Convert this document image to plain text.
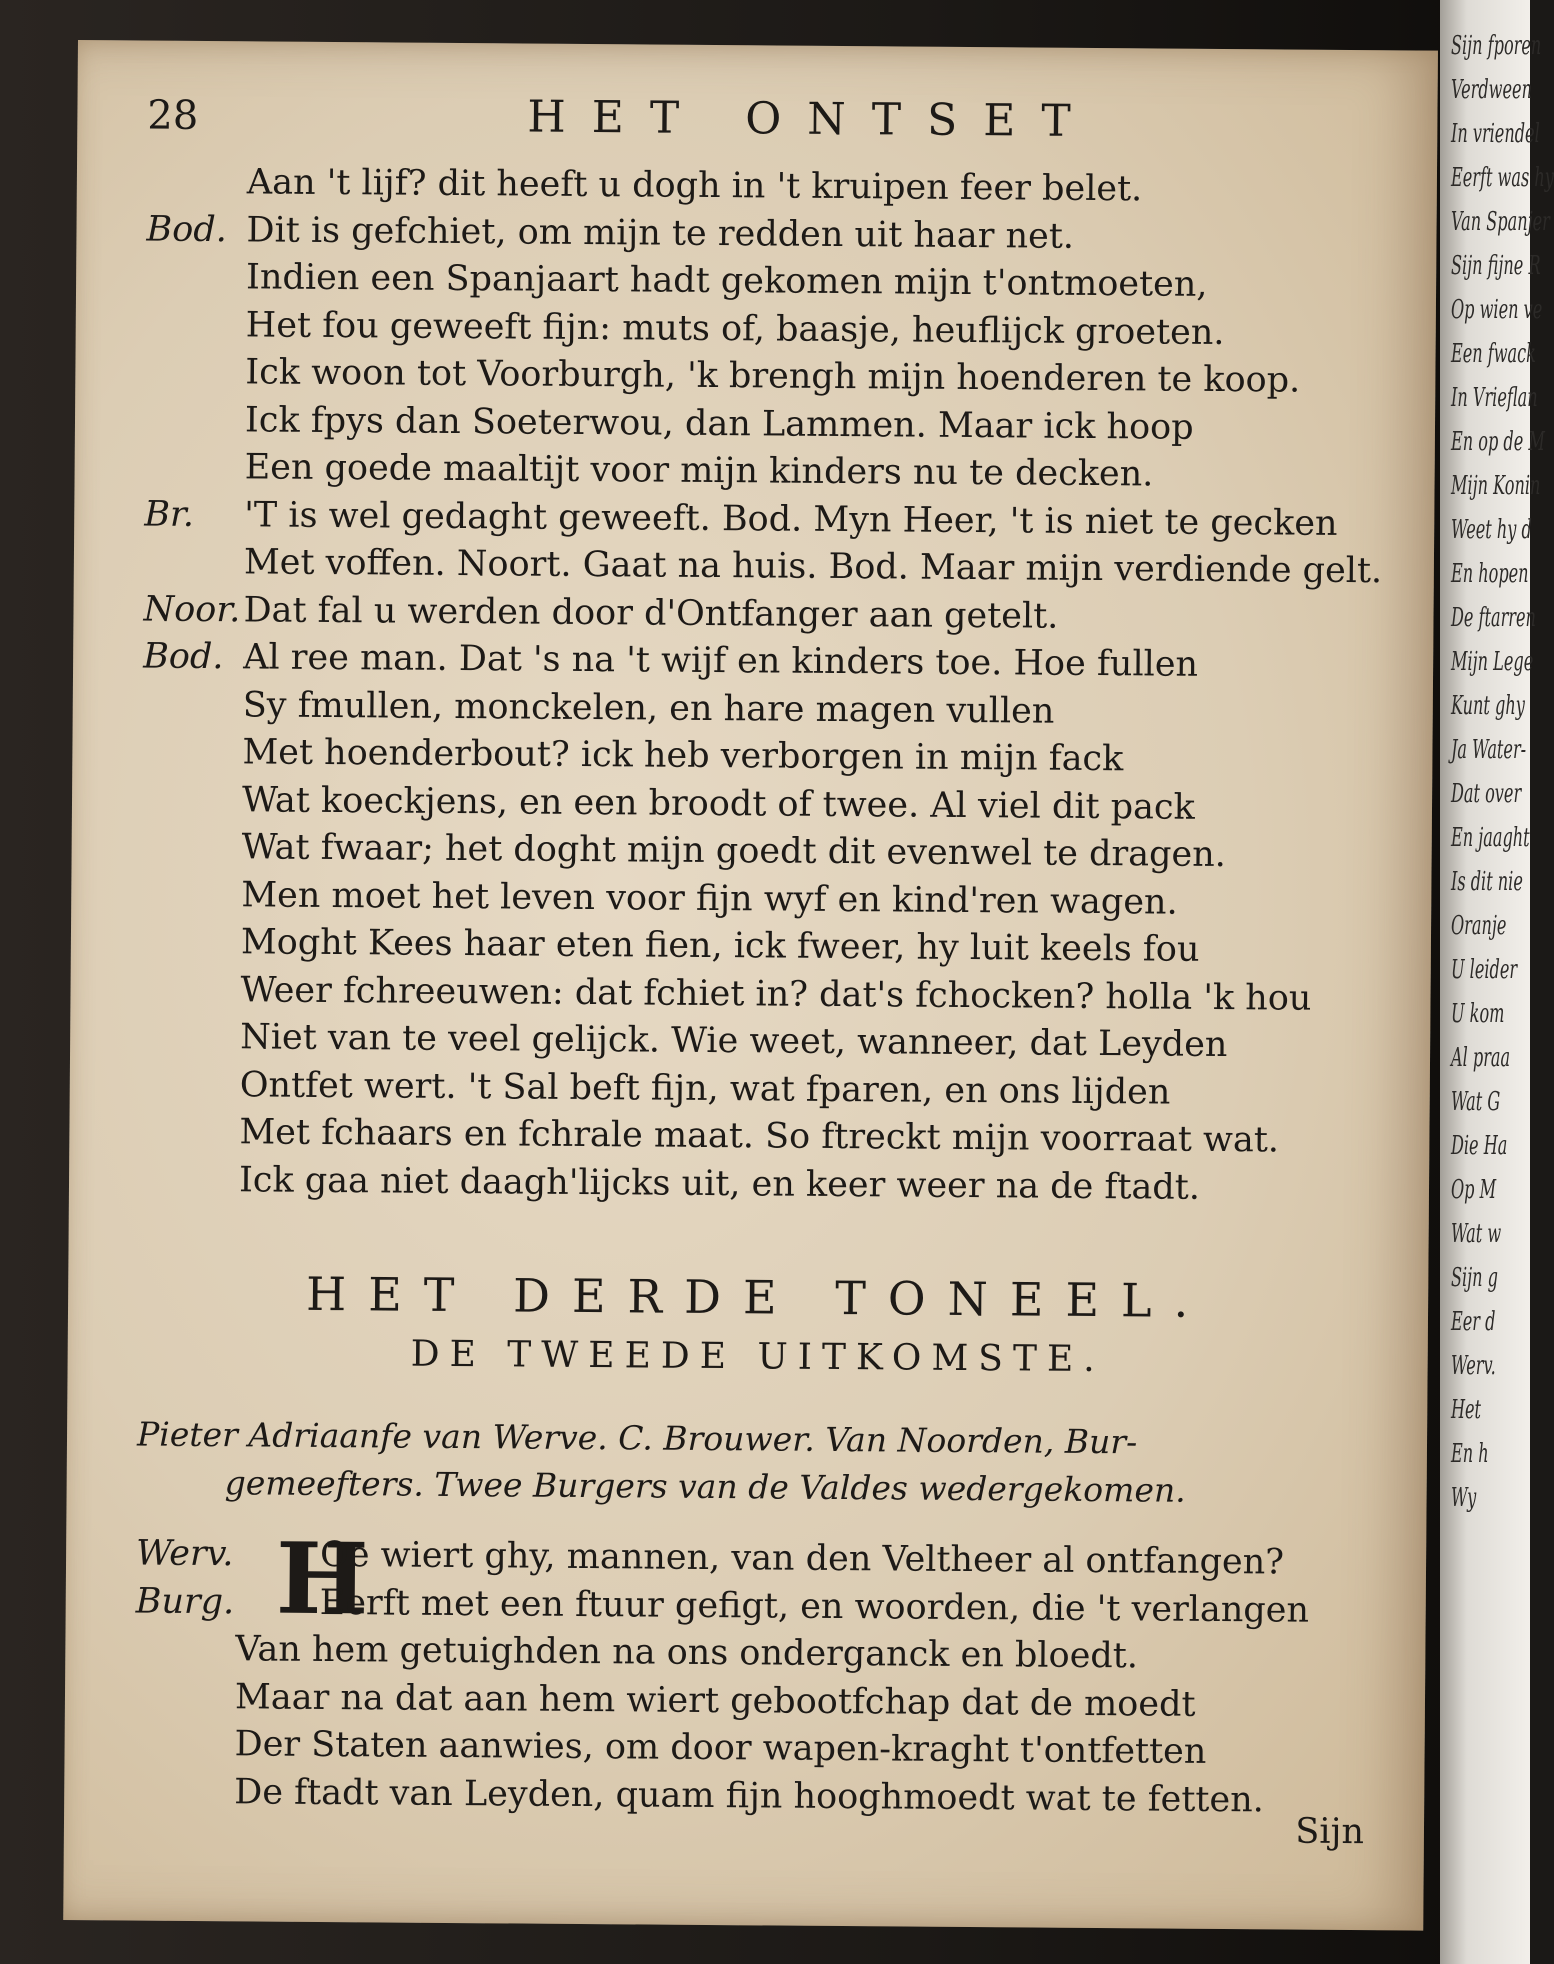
28	HET ONTSET
Aan 't lijf? dit heeft u dogh in 't kruipen feer belet.
Bod. Dit is gefchiet, om mijn te redden uit haar net.
Indien een Spanjaart hadt gekomen mijn t'ontmoeten,
Het fou geweeft fijn: muts of, baasje, heuflijck groeten.
Ick woon tot Voorburgh, 'k brengh mijn hoenderen te koop.
Ick fpys dan Soeterwou, dan Lammen. Maar ick hoop
Een goede maaltijt voor mijn kinders nu te decken.
Br. 'T is wel gedaght geweeft. Bod. Myn Heer, 't is niet te gecken
Met voffen. Noort. Gaat na huis. Bod. Maar mijn verdiende gelt.
Noor.Dat fal u werden door d'Ontfanger aan getelt.
Bod. Al ree man. Dat 's na 't wijf en kinders toe. Hoe fullen
Sy fmullen, monckelen, en hare magen vullen
Met hoenderbout? ick heb verborgen in mijn fack
Wat koeckjens, en een broodt of twee. Al viel dit pack
Wat fwaar; het doght mijn goedt dit evenwel te dragen.
Men moet het leven voor fijn wyf en kind'ren wagen.
Moght Kees haar eten fien, ick fweer, hy luit keels fou
Weer fchreeuwen: dat fchiet in? dat's fchocken? holla 'k hou
Niet van te veel gelijck. Wie weet, wanneer, dat Leyden
Ontfet wert. 't Sal beft fijn, wat fparen, en ons lijden
Met fchaars en fchrale maat. So ftreckt mijn voorraat wat.
Ick gaa niet daagh'lijcks uit, en keer weer na de ftadt.
HET DERDE TONEEL.
DE TWEEDE UITKOMSTE.
Pieter Adriaanfe van Werve. C. Brouwer. Van Noorden, Bur-
gemeefters. Twee Burgers van de Valdes wedergekomen.
H
Werv. Oe wiert ghy, mannen, van den Veltheer al ontfangen?
Burg. Eerft met een ftuur gefigt, en woorden, die 't verlangen
Van hem getuighden na ons onderganck en bloedt.
Maar na dat aan hem wiert gebootfchap dat de moedt
Der Staten aanwies, om door wapen-kraght t'ontfetten
De ftadt van Leyden, quam fijn hooghmoedt wat te fetten.
Sijn
Sijn fporen
Verdween
In vriendel
Eerft was hy
Van Spanjer
Sijn fijne R
Op wien ve
Een fwack
In Vrieflan
En op de M
Mijn Konin
Weet hy d
En hopen
De ftarren
Mijn Lege
Kunt ghy
Ja Water-
Dat over
En jaaght
Is dit nie
Oranje
U leider
U kom
Al praa
Wat G
Die Ha
Op M
Wat w
Sijn g
Eer d
Werv.
Het
En h
Wy
